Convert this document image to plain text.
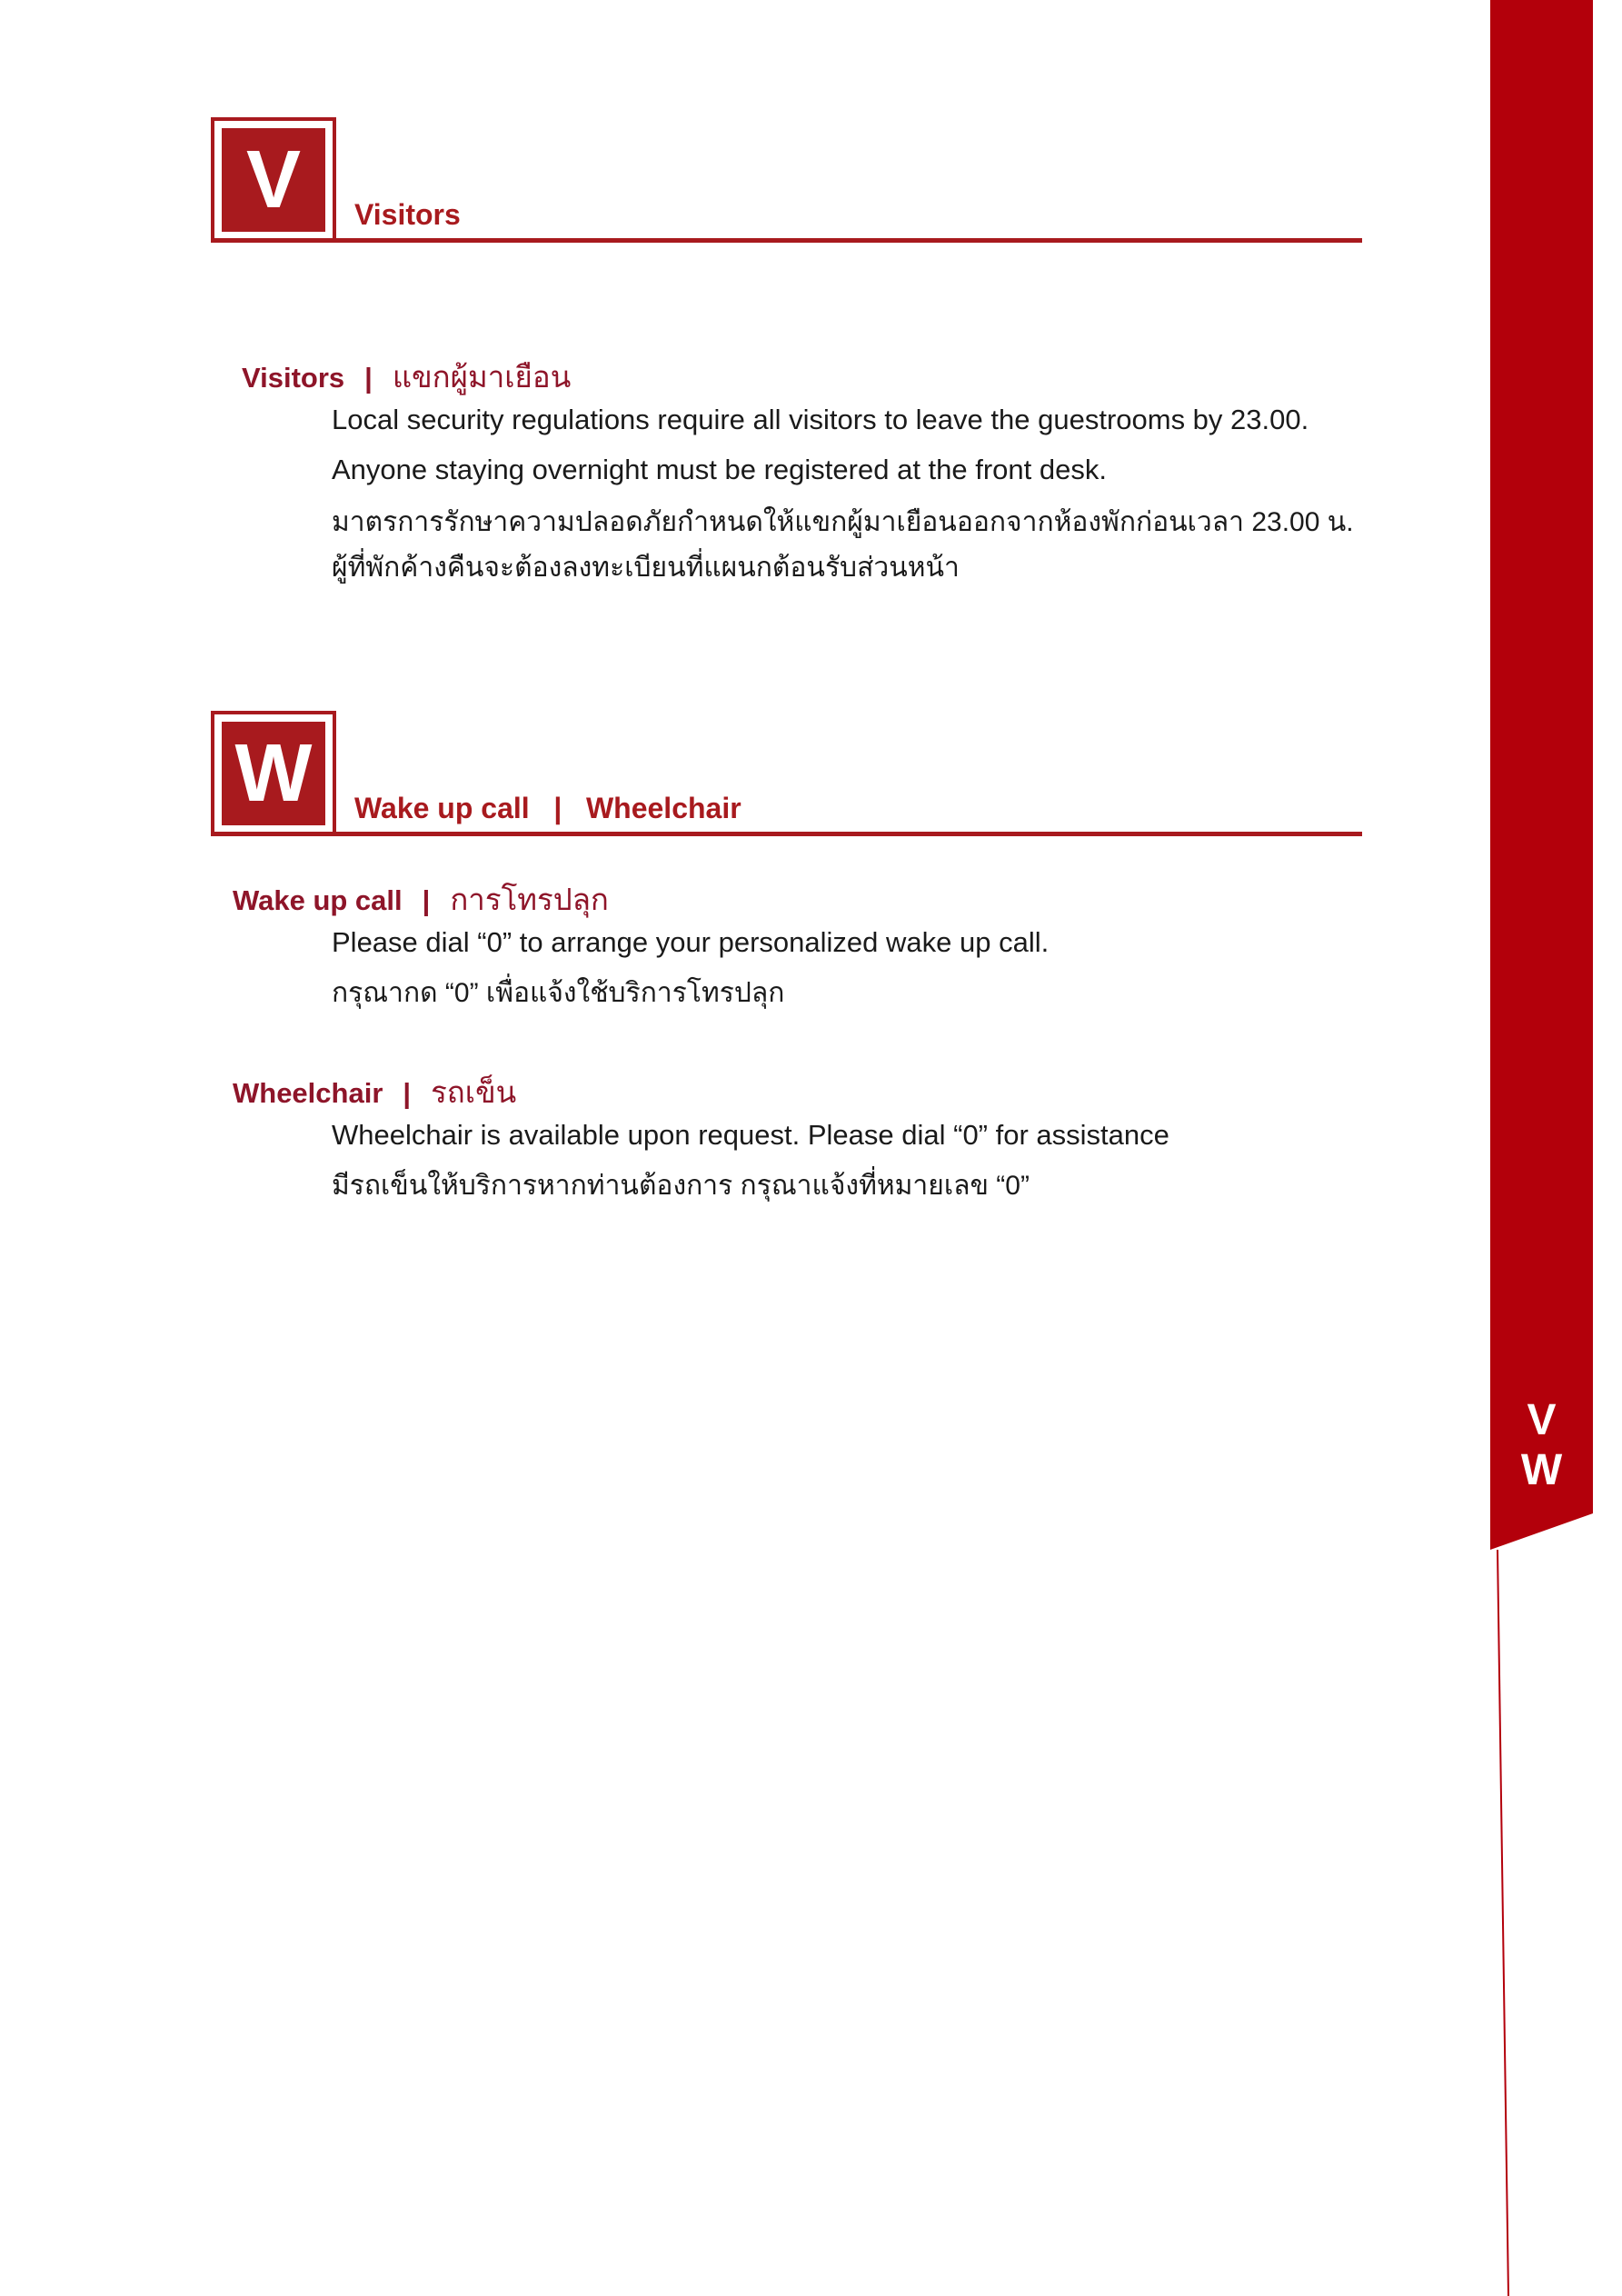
V
W
V	Visitors
Visitors | แขกผู้มาเยือน
Local security regulations require all visitors to leave the guestrooms by 23.00.
Anyone staying overnight must be registered at the front desk.
มาตรการรักษาความปลอดภัยกำหนดให้แขกผู้มาเยือนออกจากห้องพักก่อนเวลา 23.00 น.
ผู้ที่พักค้างคืนจะต้องลงทะเบียนที่แผนกต้อนรับส่วนหน้า
W	Wake up call   |   Wheelchair
Wake up call | การโทรปลุก
Please dial “0” to arrange your personalized wake up call.
กรุณากด “0” เพื่อแจ้งใช้บริการโทรปลุก
Wheelchair | รถเข็น
Wheelchair is available upon request. Please dial “0” for assistance
มีรถเข็นให้บริการหากท่านต้องการ กรุณาแจ้งที่หมายเลข “0”
